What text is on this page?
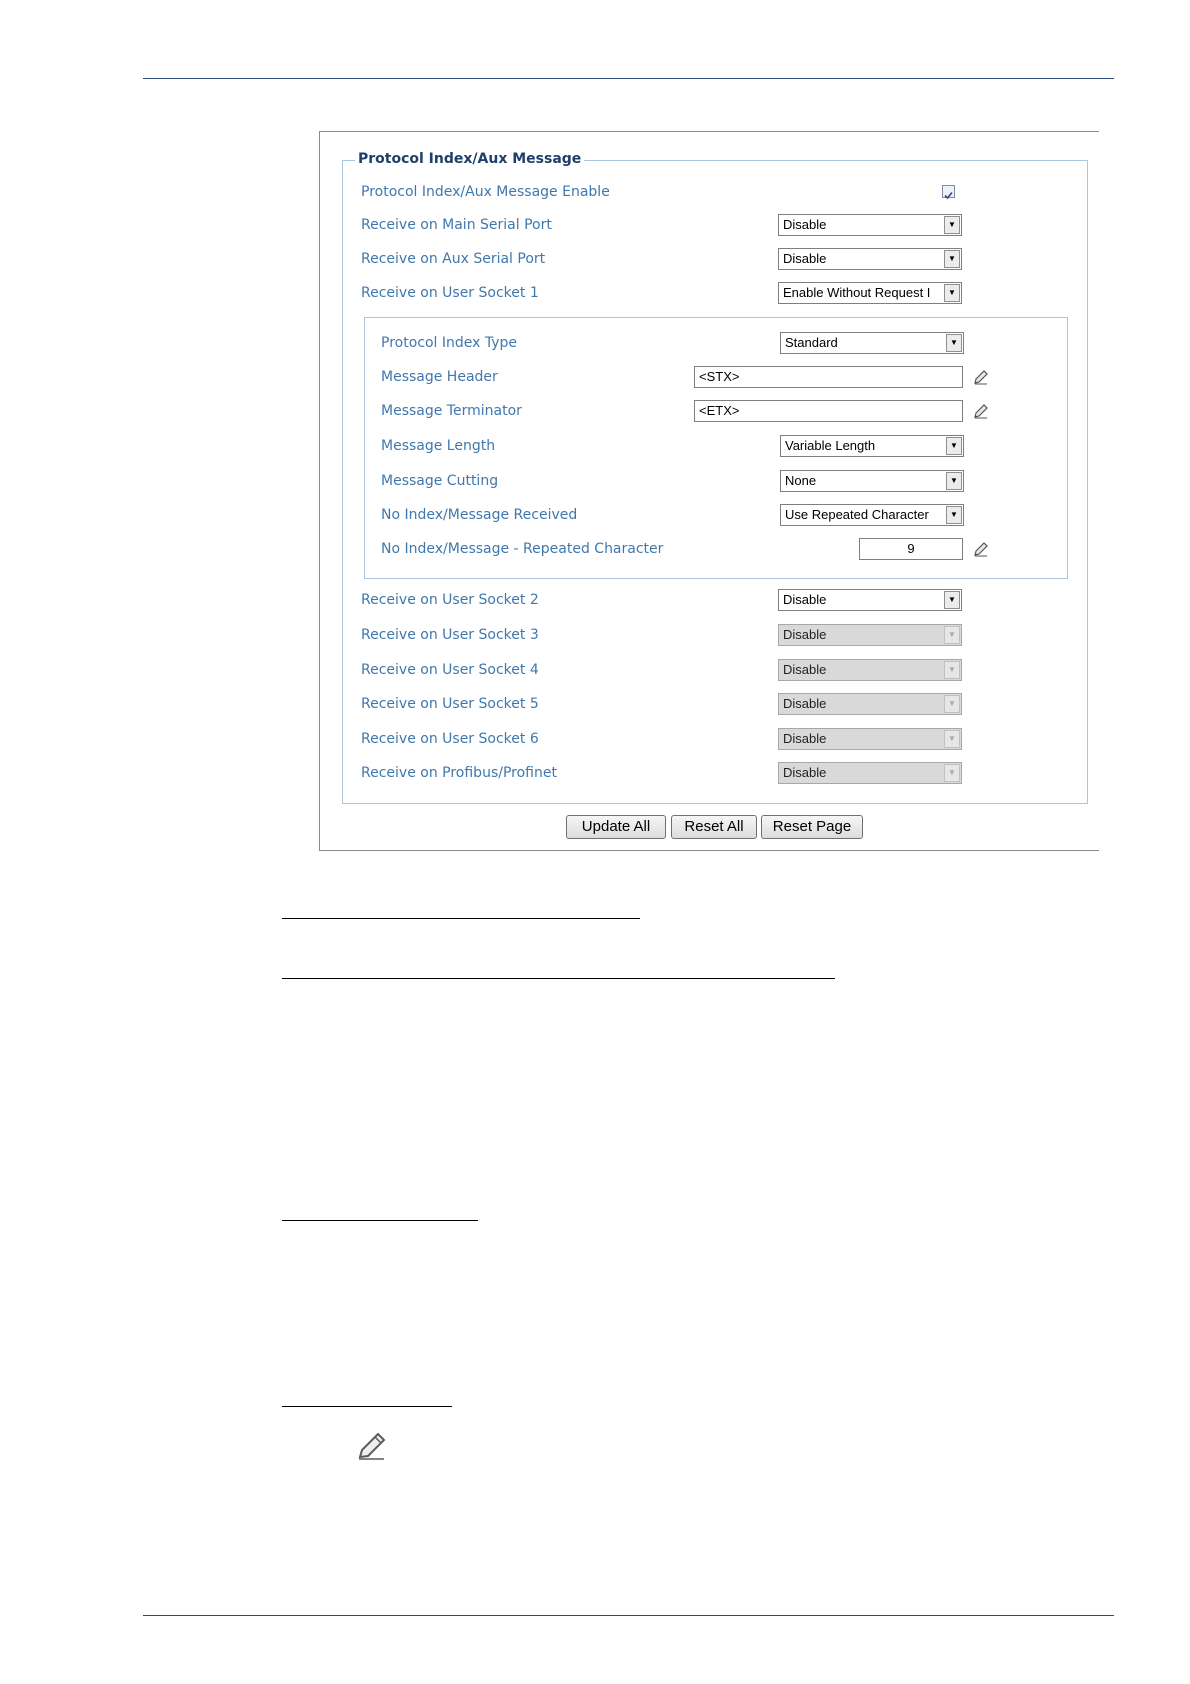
Protocol Index/Aux Message
Protocol Index/Aux Message Enable
Receive on Main Serial Port	Disable	▼
Receive on Aux Serial Port	Disable	▼
Receive on User Socket 1	Enable Without Request I	▼
Protocol Index Type	Standard	▼
Message Header	<STX>
Message Terminator	<ETX>
Message Length	Variable Length	▼
Message Cutting	None	▼
No Index/Message Received	Use Repeated Character	▼
No Index/Message - Repeated Character	9
Receive on User Socket 2	Disable	▼
Receive on User Socket 3	Disable	▼
Receive on User Socket 4	Disable	▼
Receive on User Socket 5	Disable	▼
Receive on User Socket 6	Disable	▼
Receive on Profibus/Profinet	Disable	▼
Update All	Reset All	Reset Page
